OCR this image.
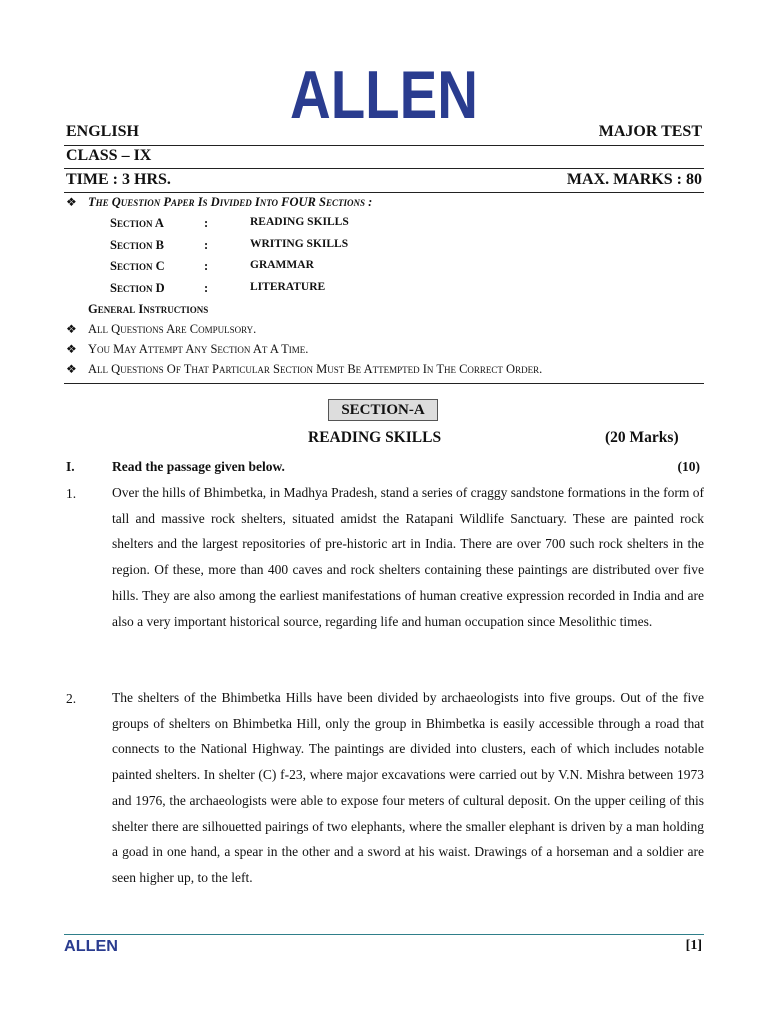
ALLEN
ENGLISH	MAJOR TEST
CLASS – IX
TIME : 3 HRS.	MAX. MARKS : 80
❖ The Question Paper Is Divided Into FOUR Sections :
Section A	:	READING SKILLS
Section B	:	WRITING SKILLS
Section C	:	GRAMMAR
Section D	:	LITERATURE
General Instructions
❖ All Questions Are Compulsory.
❖ You May Attempt Any Section At A Time.
❖ All Questions Of That Particular Section Must Be Attempted In The Correct Order.
SECTION-A
READING SKILLS	(20 Marks)
I.	Read the passage given below.	(10)
1.	Over the hills of Bhimbetka, in Madhya Pradesh, stand a series of craggy sandstone formations in the form of tall and massive rock shelters, situated amidst the Ratapani Wildlife Sanctuary. These are painted rock shelters and the largest repositories of pre-historic art in India. There are over 700 such rock shelters in the region. Of these, more than 400 caves and rock shelters containing these paintings are distributed over five hills. They are also among the earliest manifestations of human creative expression recorded in India and are also a very important historical source, regarding life and human occupation since Mesolithic times.
2.	The shelters of the Bhimbetka Hills have been divided by archaeologists into five groups. Out of the five groups of shelters on Bhimbetka Hill, only the group in Bhimbetka is easily accessible through a road that connects to the National Highway. The paintings are divided into clusters, each of which includes notable painted shelters. In shelter (C) f-23, where major excavations were carried out by V.N. Mishra between 1973 and 1976, the archaeologists were able to expose four meters of cultural deposit. On the upper ceiling of this shelter there are silhouetted pairings of two elephants, where the smaller elephant is driven by a man holding a goad in one hand, a spear in the other and a sword at his waist. Drawings of a horseman and a soldier are seen higher up, to the left.
ALLEN	[1]
